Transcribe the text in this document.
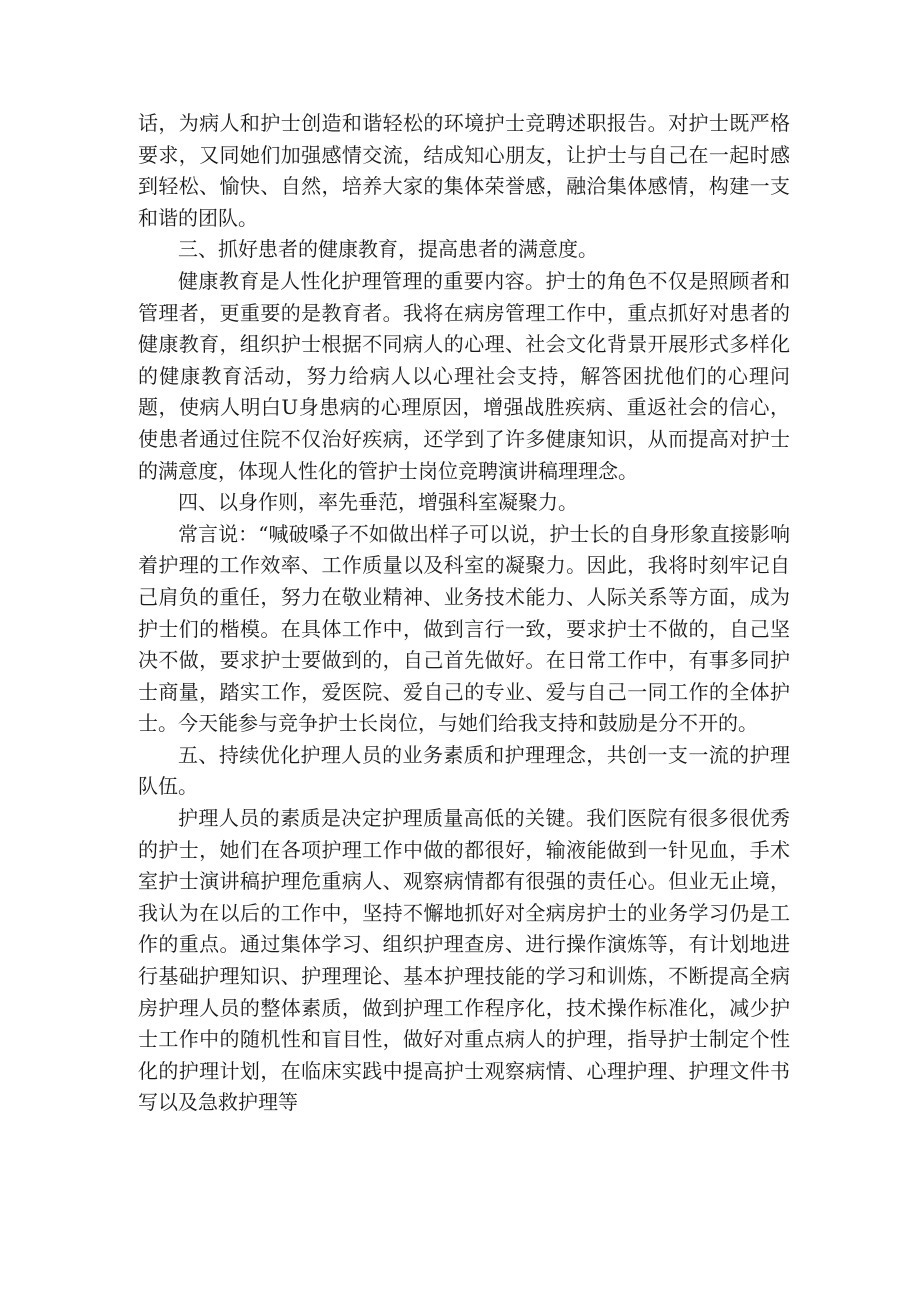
话，为病人和护士创造和谐轻松的环境护士竞聘述职报告。对护士既严格要求，又同她们加强感情交流，结成知心朋友，让护士与自己在一起时感到轻松、愉快、自然，培养大家的集体荣誉感，融洽集体感情，构建一支和谐的团队。

三、抓好患者的健康教育，提高患者的满意度。

健康教育是人性化护理管理的重要内容。护士的角色不仅是照顾者和管理者，更重要的是教育者。我将在病房管理工作中，重点抓好对患者的健康教育，组织护士根据不同病人的心理、社会文化背景开展形式多样化的健康教育活动，努力给病人以心理社会支持，解答困扰他们的心理问题，使病人明白U身患病的心理原因，增强战胜疾病、重返社会的信心，使患者通过住院不仅治好疾病，还学到了许多健康知识，从而提高对护士的满意度，体现人性化的管护士岗位竞聘演讲稿理理念。

四、以身作则，率先垂范，增强科室凝聚力。

常言说：“喊破嗓子不如做出样子可以说，护士长的自身形象直接影响着护理的工作效率、工作质量以及科室的凝聚力。因此，我将时刻牢记自己肩负的重任，努力在敬业精神、业务技术能力、人际关系等方面，成为护士们的楷模。在具体工作中，做到言行一致，要求护士不做的，自己坚决不做，要求护士要做到的，自己首先做好。在日常工作中，有事多同护士商量，踏实工作，爱医院、爱自己的专业、爱与自己一同工作的全体护士。今天能参与竞争护士长岗位，与她们给我支持和鼓励是分不开的。

五、持续优化护理人员的业务素质和护理理念，共创一支一流的护理队伍。

护理人员的素质是决定护理质量高低的关键。我们医院有很多很优秀的护士，她们在各项护理工作中做的都很好，输液能做到一针见血，手术室护士演讲稿护理危重病人、观察病情都有很强的责任心。但业无止境，我认为在以后的工作中，坚持不懈地抓好对全病房护士的业务学习仍是工作的重点。通过集体学习、组织护理查房、进行操作演炼等，有计划地进行基础护理知识、护理理论、基本护理技能的学习和训炼，不断提高全病房护理人员的整体素质，做到护理工作程序化，技术操作标准化，减少护士工作中的随机性和盲目性，做好对重点病人的护理，指导护士制定个性化的护理计划，在临床实践中提高护士观察病情、心理护理、护理文件书写以及急救护理等
